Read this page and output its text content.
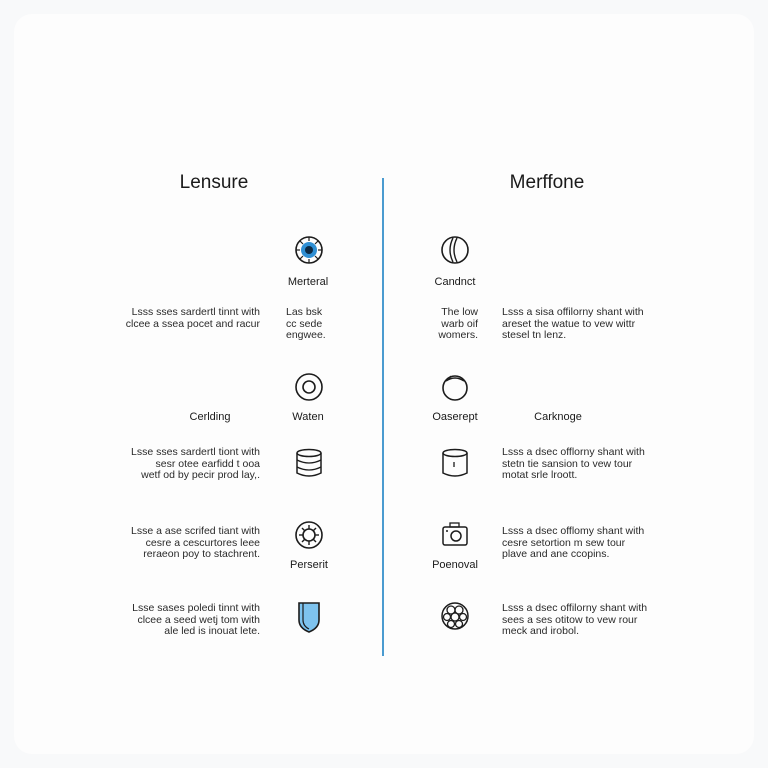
Lensure	Merffone
Merteral	Candnct
Lsss sses sardertl tinnt with
clcee a ssea pocet and racur
Las bsk
cc sede
engwee.
The low
warb oif
womers.
Lsss a sisa offilorny shant with
areset the watue to vew wittr
stesel tn lenz.
Cerlding	Waten	Oaserept	Carknoge
Lsse sses sardertl tiont with
sesr otee earfidd t ooa
wetf od by pecir prod lay,.
Lsss a dsec offlorny shant with
stetn tie sansion to vew tour
motat srle lroott.
Perserit	Poenoval
Lsse a ase scrifed tiant with
cesre a cescurtores leee
reraeon poy to stachrent.
Lsss a dsec offlomy shant with
cesre setortion m sew tour
plave and ane ccopins.
Lsse sases poledi tinnt with
clcee a seed wetj tom with
ale led is inouat lete.
Lsss a dsec offilorny shant with
sees a ses otitow to vew rour
meck and irobol.
